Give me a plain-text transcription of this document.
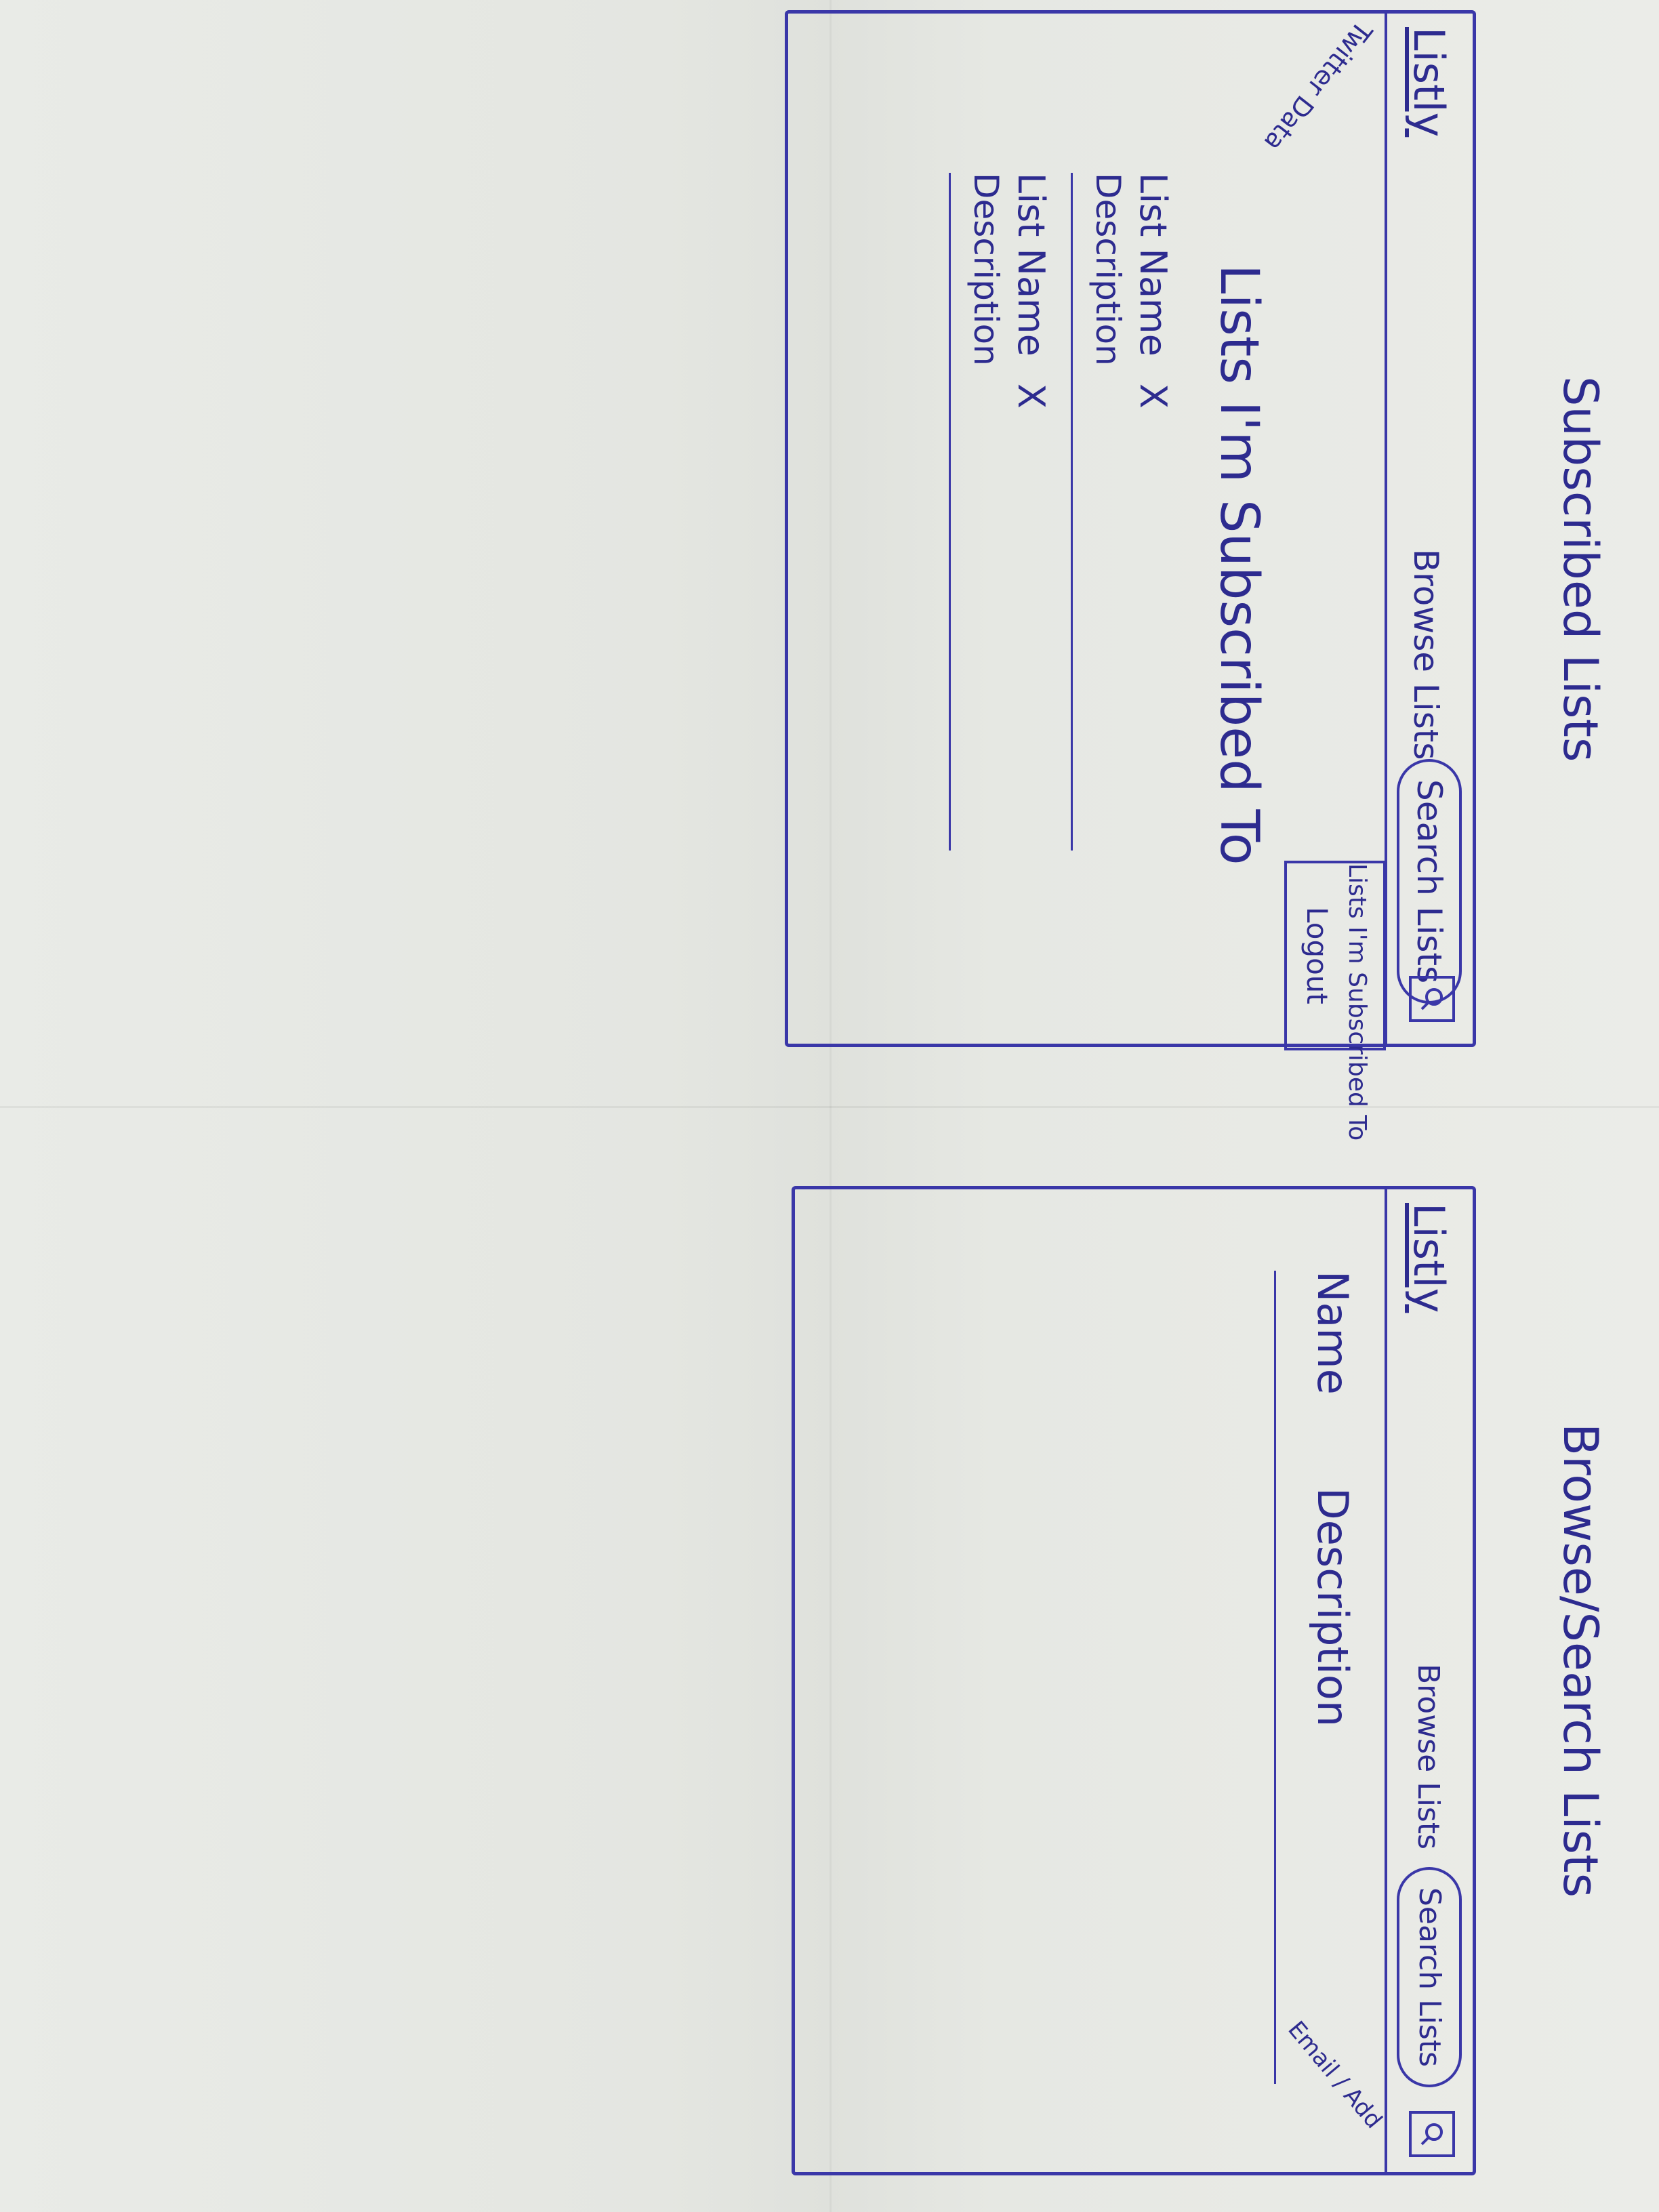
Subscribed Lists
Listly
Browse Lists
Search Lists
Lists I'm Subscribed To
Logout
Twitter Data
Lists I'm Subscribed To
List NameX
Description
List NameX
Description
Browse/Search Lists
Listly
Browse Lists
Search Lists
Name
Description
Email / Add
